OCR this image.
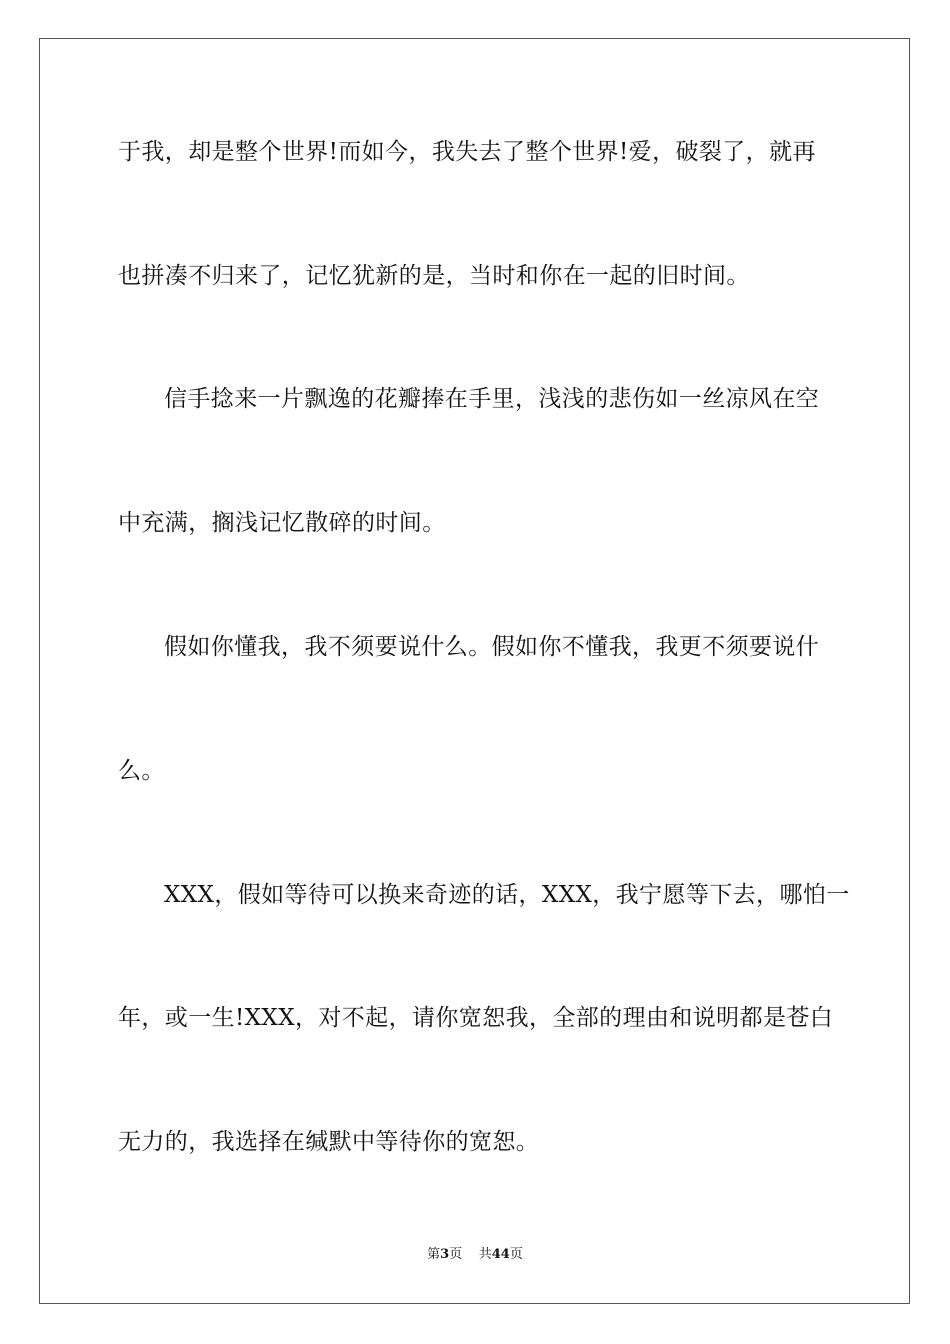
于我，却是整个世界!而如今，我失去了整个世界!爱，破裂了，就再
也拼凑不归来了，记忆犹新的是，当时和你在一起的旧时间。
信手捻来一片飘逸的花瓣捧在手里，浅浅的悲伤如一丝凉风在空
中充满，搁浅记忆散碎的时间。
假如你懂我，我不须要说什么。假如你不懂我，我更不须要说什
么。
XXX，假如等待可以换来奇迹的话，XXX，我宁愿等下去，哪怕一
年，或一生!XXX，对不起，请你宽恕我，全部的理由和说明都是苍白
无力的，我选择在缄默中等待你的宽恕。
第3页 共44页
